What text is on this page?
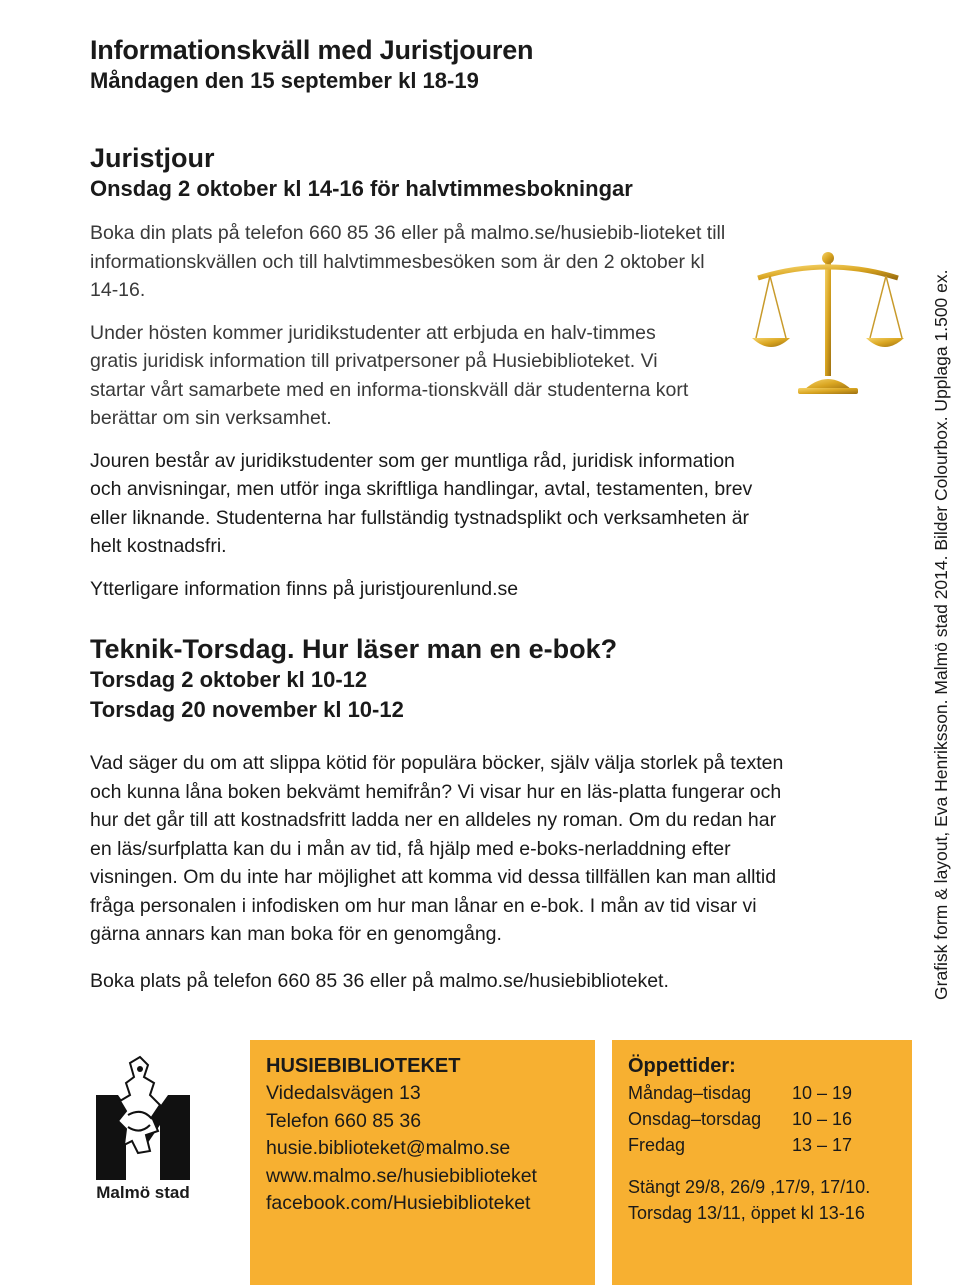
Informationskväll med Juristjouren
Måndagen den 15 september kl 18-19
Juristjour
Onsdag 2 oktober kl 14-16 för halvtimmesbokningar

Boka din plats på telefon 660 85 36 eller på malmo.se/husiebib-lioteket till informationskvällen och till halvtimmesbesöken som är den 2 oktober kl 14-16.

Under hösten kommer juridikstudenter att erbjuda en halv-timmes gratis juridisk information till privatpersoner på Husiebiblioteket. Vi startar vårt samarbete med en informa-tionskväll där studenterna kort berättar om sin verksamhet.

Jouren består av juridikstudenter som ger muntliga råd, juridisk information och anvisningar, men utför inga skriftliga handlingar, avtal, testamenten, brev eller liknande. Studenterna har fullständig tystnadsplikt och verksamheten är helt kostnadsfri.

Ytterligare information finns på juristjourenlund.se

Teknik-Torsdag. Hur läser man en e-bok?
Torsdag 2 oktober kl 10-12
Torsdag 20 november kl 10-12

Vad säger du om att slippa kötid för populära böcker, själv välja storlek på texten och kunna låna boken bekvämt hemifrån? Vi visar hur en läs-platta fungerar och hur det går till att kostnadsfritt ladda ner en alldeles ny roman. Om du redan har en läs/surfplatta kan du i mån av tid, få hjälp med e-boks-nerladdning efter visningen. Om du inte har möjlighet att komma vid dessa tillfällen kan man alltid fråga personalen i infodisken om hur man lånar en e-bok. I mån av tid visar vi gärna annars kan man boka för en genomgång.

Boka plats på telefon 660 85 36 eller på malmo.se/husiebiblioteket.	Grafisk form & layout, Eva Henriksson. Malmö stad 2014. Bilder Colourbox. Upplaga 1.500 ex.
Malmö stad
HUSIEBIBLIOTEKET
Videdalsvägen 13
Telefon 660 85 36
husie.biblioteket@malmo.se
www.malmo.se/husiebiblioteket
facebook.com/Husiebiblioteket
Öppettider:
Måndag–tisdag	10 – 19
Onsdag–torsdag	10 – 16
Fredag	13 – 17
Stängt 29/8, 26/9 ,17/9, 17/10.
Torsdag 13/11, öppet kl 13-16
